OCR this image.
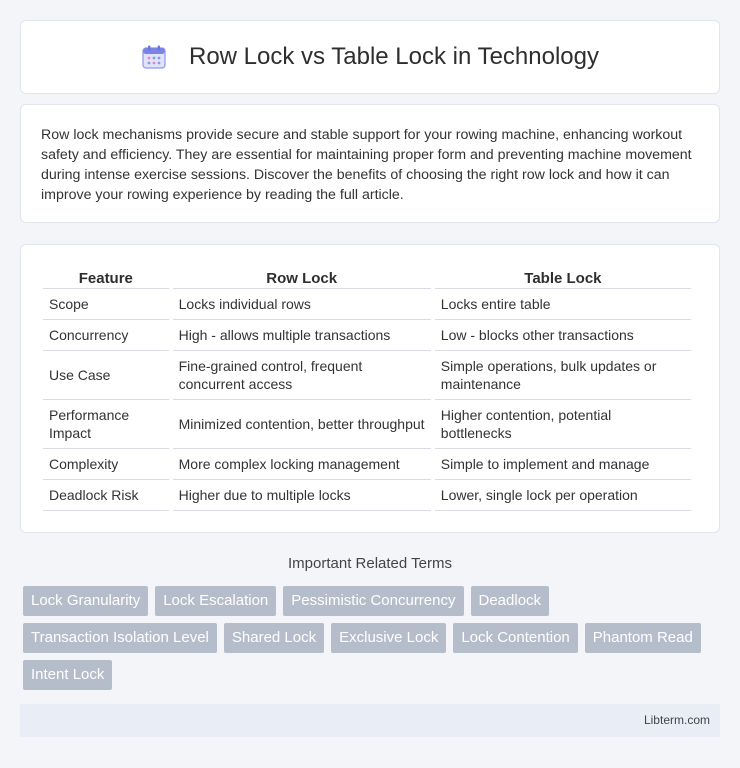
Row Lock vs Table Lock in Technology

Row lock mechanisms provide secure and stable support for your rowing machine, enhancing workout safety and efficiency. They are essential for maintaining proper form and preventing machine movement during intense exercise sessions. Discover the benefits of choosing the right row lock and how it can improve your rowing experience by reading the full article.

Feature	Row Lock	Table Lock
Scope	Locks individual rows	Locks entire table
Concurrency	High - allows multiple transactions	Low - blocks other transactions
Use Case	Fine-grained control, frequent concurrent access	Simple operations, bulk updates or maintenance
Performance Impact	Minimized contention, better throughput	Higher contention, potential bottlenecks
Complexity	More complex locking management	Simple to implement and manage
Deadlock Risk	Higher due to multiple locks	Lower, single lock per operation
Important Related Terms
Lock Granularity	Lock Escalation	Pessimistic Concurrency	Deadlock
Transaction Isolation Level	Shared Lock	Exclusive Lock	Lock Contention	Phantom Read
Intent Lock
Libterm.com
